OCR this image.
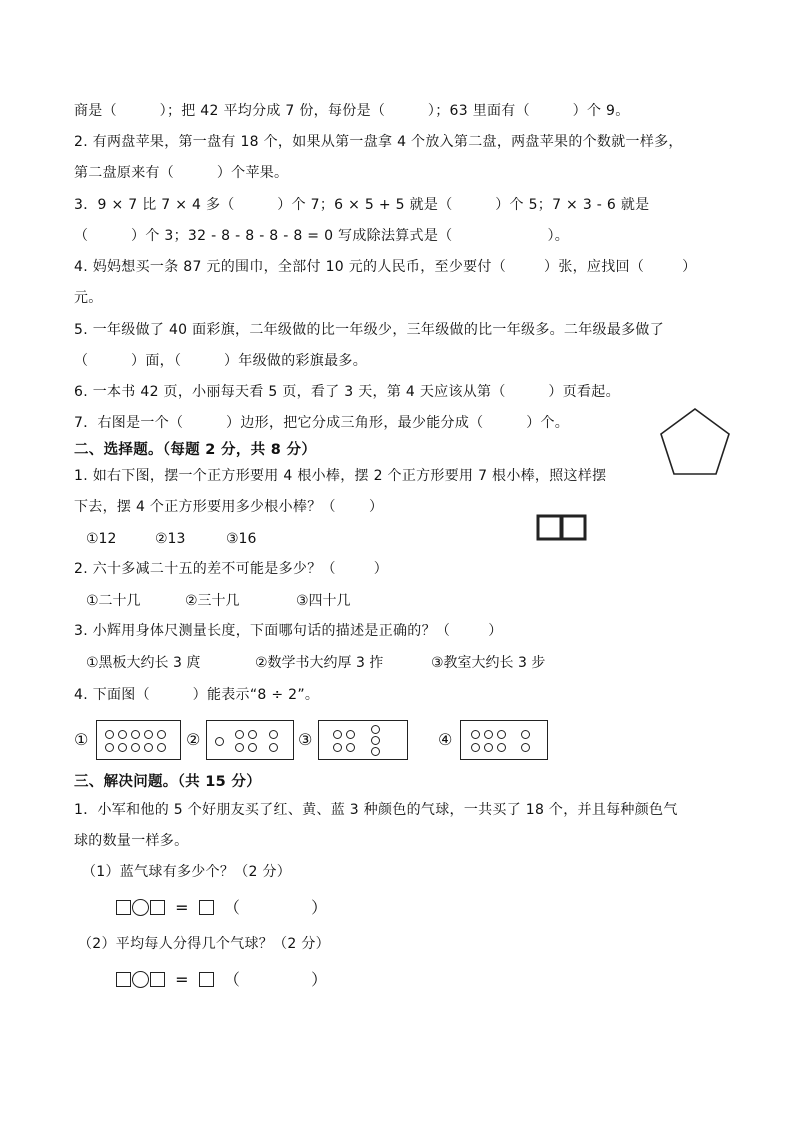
商是（         ）；把 42 平均分成 7 份，每份是（         ）；63 里面有（         ）个 9。
2. 有两盘苹果，第一盘有 18 个，如果从第一盘拿 4 个放入第二盘，两盘苹果的个数就一样多，
第二盘原来有（         ）个苹果。
3．9 × 7 比 7 × 4 多（         ）个 7；6 × 5 + 5 就是（         ）个 5；7 × 3 - 6 就是
（         ）个 3；32 - 8 - 8 - 8 - 8 = 0 写成除法算式是（                    ）。
4. 妈妈想买一条 87 元的围巾，全部付 10 元的人民币，至少要付（        ）张，应找回（        ）
元。
5. 一年级做了 40 面彩旗，二年级做的比一年级少，三年级做的比一年级多。二年级最多做了
（         ）面，（         ）年级做的彩旗最多。
6. 一本书 42 页，小丽每天看 5 页，看了 3 天，第 4 天应该从第（         ）页看起。
7．右图是一个（         ）边形，把它分成三角形，最少能分成（         ）个。
二、选择题。（每题 2 分，共 8 分）
1. 如右下图，摆一个正方形要用 4 根小棒，摆 2 个正方形要用 7 根小棒，照这样摆
下去，摆 4 个正方形要用多少根小棒？（       ）
①12	②13	③16
2. 六十多减二十五的差不可能是多少？（        ）
①二十几	②三十几	③四十几
3. 小辉用身体尺测量长度，下面哪句话的描述是正确的？（        ）
①黑板大约长 3 庹	②数学书大约厚 3 拃	③教室大约长 3 步
4. 下面图（         ）能表示“8 ÷ 2”。
①	②	③	④
三、解决问题。（共 15 分）
1．小军和他的 5 个好朋友买了红、黄、蓝 3 种颜色的气球，一共买了 18 个，并且每种颜色气
球的数量一样多。
（1）蓝气球有多少个？（2 分）
= （              ）
（2）平均每人分得几个气球？（2 分）
= （              ）
